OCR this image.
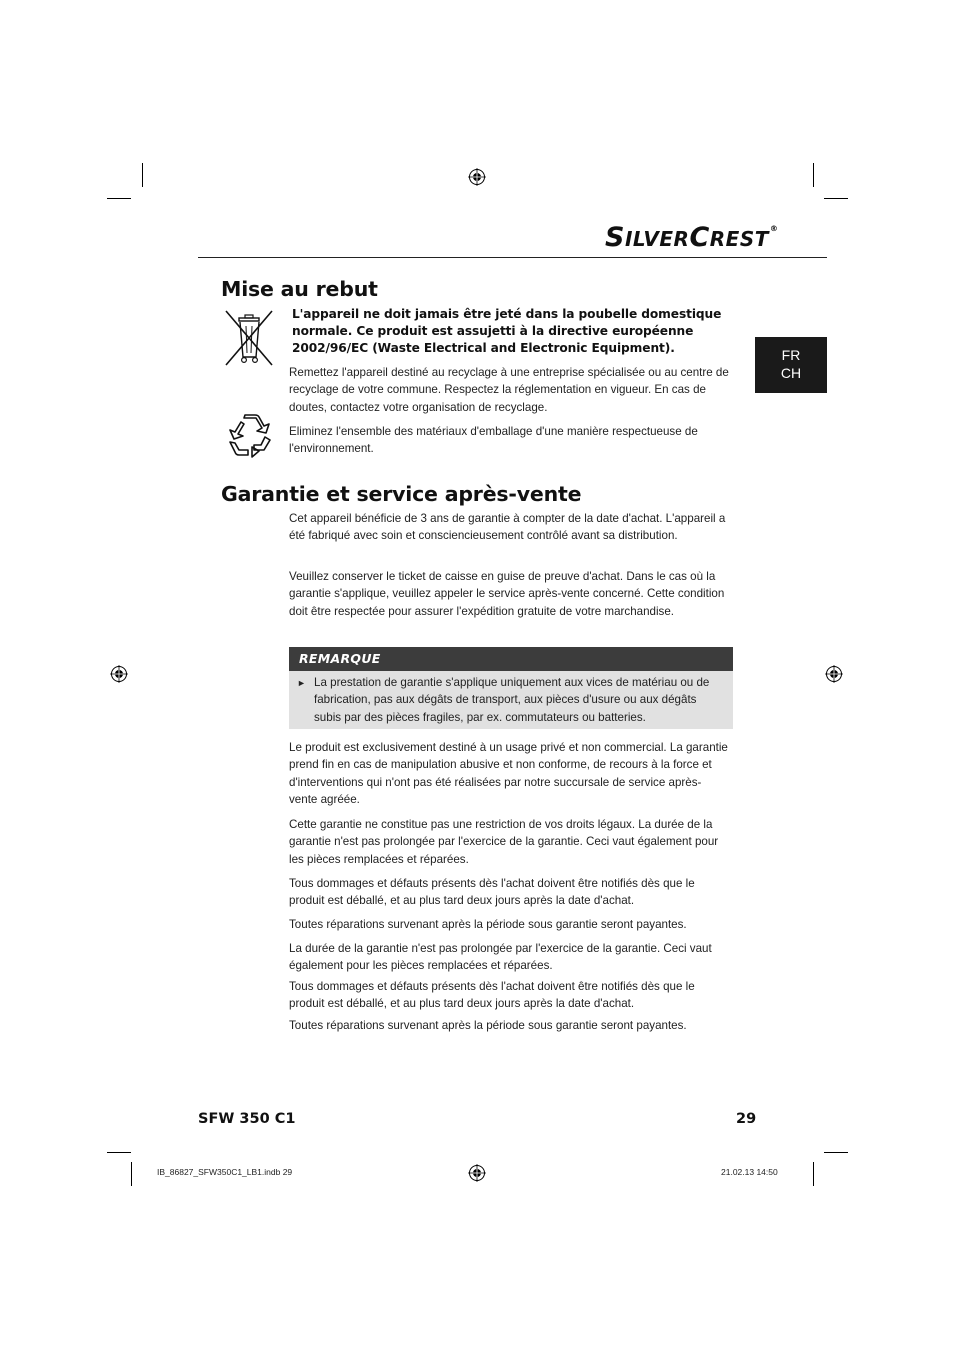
SILVERCREST®
FR
CH
Mise au rebut
L'appareil ne doit jamais être jeté dans la poubelle domestique normale. Ce produit est assujetti à la directive européenne 2002/96/EC (Waste Electrical and Electronic Equipment).
Remettez l'appareil destiné au recyclage à une entreprise spécialisée ou au centre de recyclage de votre commune. Respectez la réglementation en vigueur. En cas de doutes, contactez votre organisation de recyclage.
Eliminez l'ensemble des matériaux d'emballage d'une manière respectueuse de l'environnement.
Garantie et service après-vente
Cet appareil bénéficie de 3 ans de garantie à compter de la date d'achat. L'appareil a été fabriqué avec soin et consciencieusement contrôlé avant sa distribution.
Veuillez conserver le ticket de caisse en guise de preuve d'achat. Dans le cas où la garantie s'applique, veuillez appeler le service après-vente concerné. Cette condition doit être respectée pour assurer l'expédition gratuite de votre marchandise.
REMARQUE
► La prestation de garantie s'applique uniquement aux vices de matériau ou de fabrication, pas aux dégâts de transport, aux pièces d'usure ou aux dégâts subis par des pièces fragiles, par ex. commutateurs ou batteries.
Le produit est exclusivement destiné à un usage privé et non commercial. La garantie prend fin en cas de manipulation abusive et non conforme, de recours à la force et d'interventions qui n'ont pas été réalisées par notre succursale de service après-vente agréée.
Cette garantie ne constitue pas une restriction de vos droits légaux. La durée de la garantie n'est pas prolongée par l'exercice de la garantie. Ceci vaut également pour les pièces remplacées et réparées.
Tous dommages et défauts présents dès l'achat doivent être notifiés dès que le produit est déballé, et au plus tard deux jours après la date d'achat.
Toutes réparations survenant après la période sous garantie seront payantes.
La durée de la garantie n'est pas prolongée par l'exercice de la garantie. Ceci vaut également pour les pièces remplacées et réparées.
Tous dommages et défauts présents dès l'achat doivent être notifiés dès que le produit est déballé, et au plus tard deux jours après la date d'achat.
Toutes réparations survenant après la période sous garantie seront payantes.
SFW 350 C1	29
IB_86827_SFW350C1_LB1.indb 29	21.02.13 14:50
